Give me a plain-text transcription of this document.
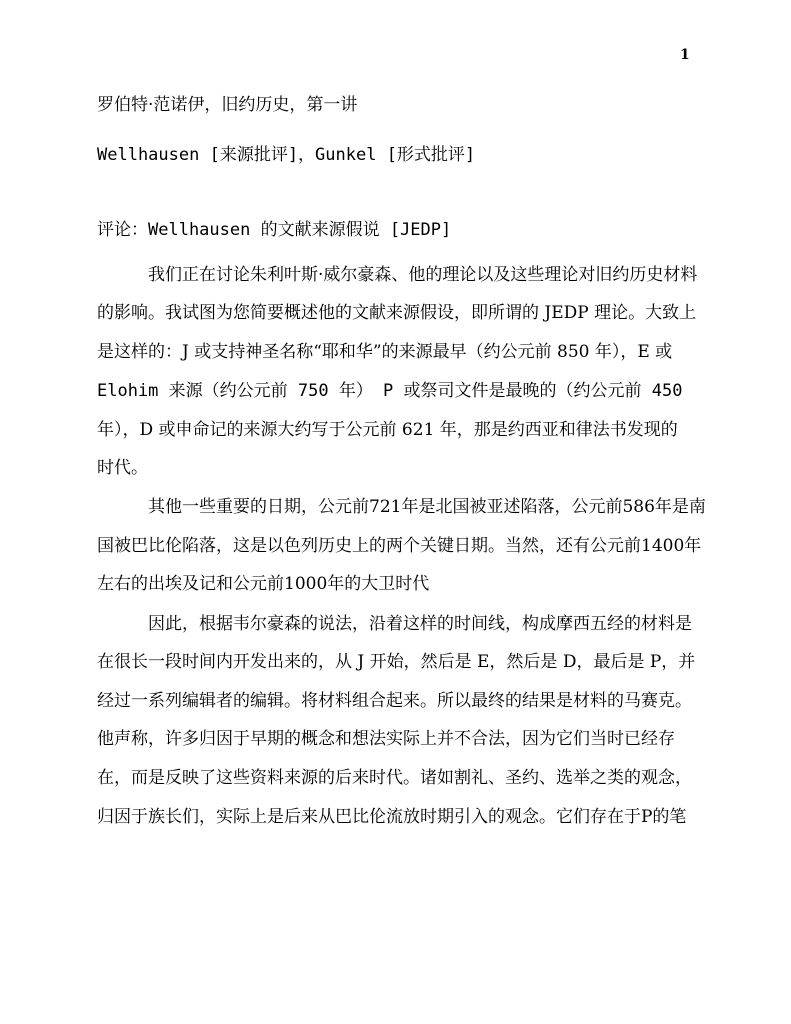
1
罗伯特·范诺伊，旧约历史，第一讲
Wellhausen [来源批评]，Gunkel [形式批评]
评论：Wellhausen 的文献来源假说 [JEDP]
我们正在讨论朱利叶斯·威尔豪森、他的理论以及这些理论对旧约历史材料
的影响。我试图为您简要概述他的文献来源假设，即所谓的 JEDP 理论。大致上
是这样的：J 或支持神圣名称“耶和华”的来源最早（约公元前 850 年），E 或
Elohim 来源（约公元前 750 年） P 或祭司文件是最晚的（约公元前 450
年），D 或申命记的来源大约写于公元前 621 年，那是约西亚和律法书发现的
时代。
其他一些重要的日期，公元前721年是北国被亚述陷落，公元前586年是南
国被巴比伦陷落，这是以色列历史上的两个关键日期。当然，还有公元前1400年
左右的出埃及记和公元前1000年的大卫时代
因此，根据韦尔豪森的说法，沿着这样的时间线，构成摩西五经的材料是
在很长一段时间内开发出来的，从 J 开始，然后是 E，然后是 D，最后是 P，并
经过一系列编辑者的编辑。将材料组合起来。所以最终的结果是材料的马赛克。
他声称，许多归因于早期的概念和想法实际上并不合法，因为它们当时已经存
在，而是反映了这些资料来源的后来时代。诸如割礼、圣约、选举之类的观念，
归因于族长们，实际上是后来从巴比伦流放时期引入的观念。它们存在于P的笔
